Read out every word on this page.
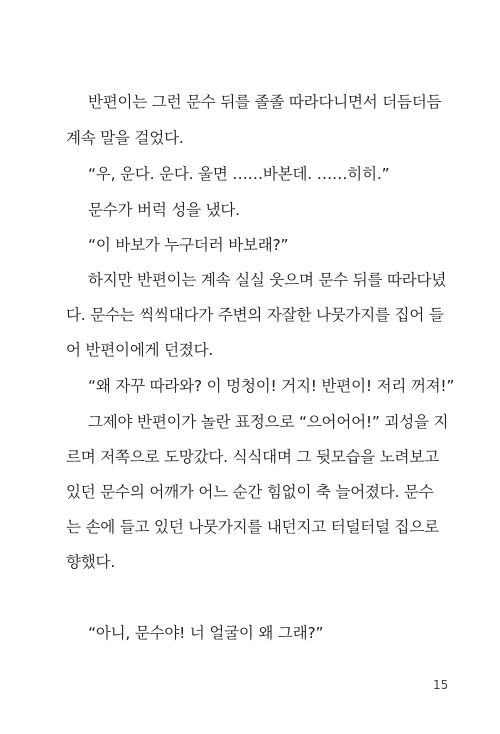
반편이는 그런 문수 뒤를 졸졸 따라다니면서 더듬더듬
계속 말을 걸었다.
“우, 운다. 운다. 울면 ……바본데. ……히히.”
문수가 버럭 성을 냈다.
“이 바보가 누구더러 바보래?”
하지만 반편이는 계속 실실 웃으며 문수 뒤를 따라다녔
다. 문수는 씩씩대다가 주변의 자잘한 나뭇가지를 집어 들
어 반편이에게 던졌다.
“왜 자꾸 따라와? 이 멍청이! 거지! 반편이! 저리 꺼져!”
그제야 반편이가 놀란 표정으로 “으어어어!” 괴성을 지
르며 저쪽으로 도망갔다. 식식대며 그 뒷모습을 노려보고
있던 문수의 어깨가 어느 순간 힘없이 축 늘어졌다. 문수
는 손에 들고 있던 나뭇가지를 내던지고 터덜터덜 집으로
향했다.
“아니, 문수야! 너 얼굴이 왜 그래?”
15
